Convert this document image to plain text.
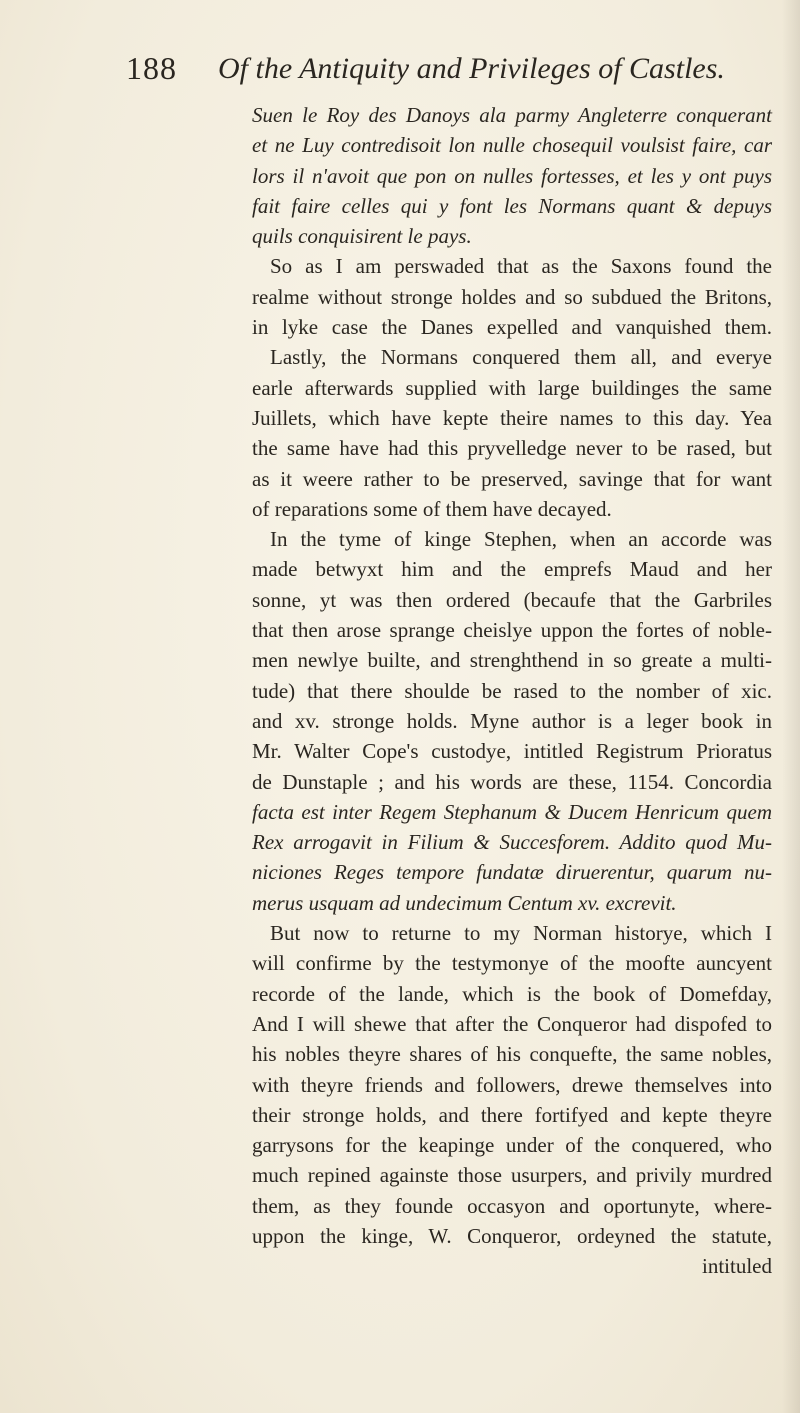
188 Of the Antiquity and Privileges of Castles.
Suen le Roy des Danoys ala parmy Angleterre conquerant
et ne Luy contredisoit lon nulle chosequil voulsist faire, car
lors il n'avoit que pon on nulles fortesses, et les y ont puys
fait faire celles qui y font les Normans quant & depuys
quils conquisirent le pays.
So as I am perswaded that as the Saxons found the
realme without stronge holdes and so subdued the Britons,
in lyke case the Danes expelled and vanquished them.
Lastly, the Normans conquered them all, and everye
earle afterwards supplied with large buildinges the same
Juillets, which have kepte theire names to this day. Yea
the same have had this pryvelledge never to be rased, but
as it weere rather to be preserved, savinge that for want
of reparations some of them have decayed.
In the tyme of kinge Stephen, when an accorde was
made betwyxt him and the emprefs Maud and her
sonne, yt was then ordered (becaufe that the Garbriles
that then arose sprange cheislye uppon the fortes of noble-
men newlye builte, and strenghthend in so greate a multi-
tude) that there shoulde be rased to the nomber of xic.
and xv. stronge holds. Myne author is a leger book in
Mr. Walter Cope's custodye, intitled Registrum Prioratus
de Dunstaple ; and his words are these, 1154. Concordia
facta est inter Regem Stephanum & Ducem Henricum quem
Rex arrogavit in Filium & Succesforem. Addito quod Mu-
niciones Reges tempore fundatæ diruerentur, quarum nu-
merus usquam ad undecimum Centum xv. excrevit.
But now to returne to my Norman historye, which I
will confirme by the testymonye of the moofte auncyent
recorde of the lande, which is the book of Domefday,
And I will shewe that after the Conqueror had dispofed to
his nobles theyre shares of his conquefte, the same nobles,
with theyre friends and followers, drewe themselves into
their stronge holds, and there fortifyed and kepte theyre
garrysons for the keapinge under of the conquered, who
much repined againste those usurpers, and privily murdred
them, as they founde occasyon and oportunyte, where-
uppon the kinge, W. Conqueror, ordeyned the statute,
intituled
